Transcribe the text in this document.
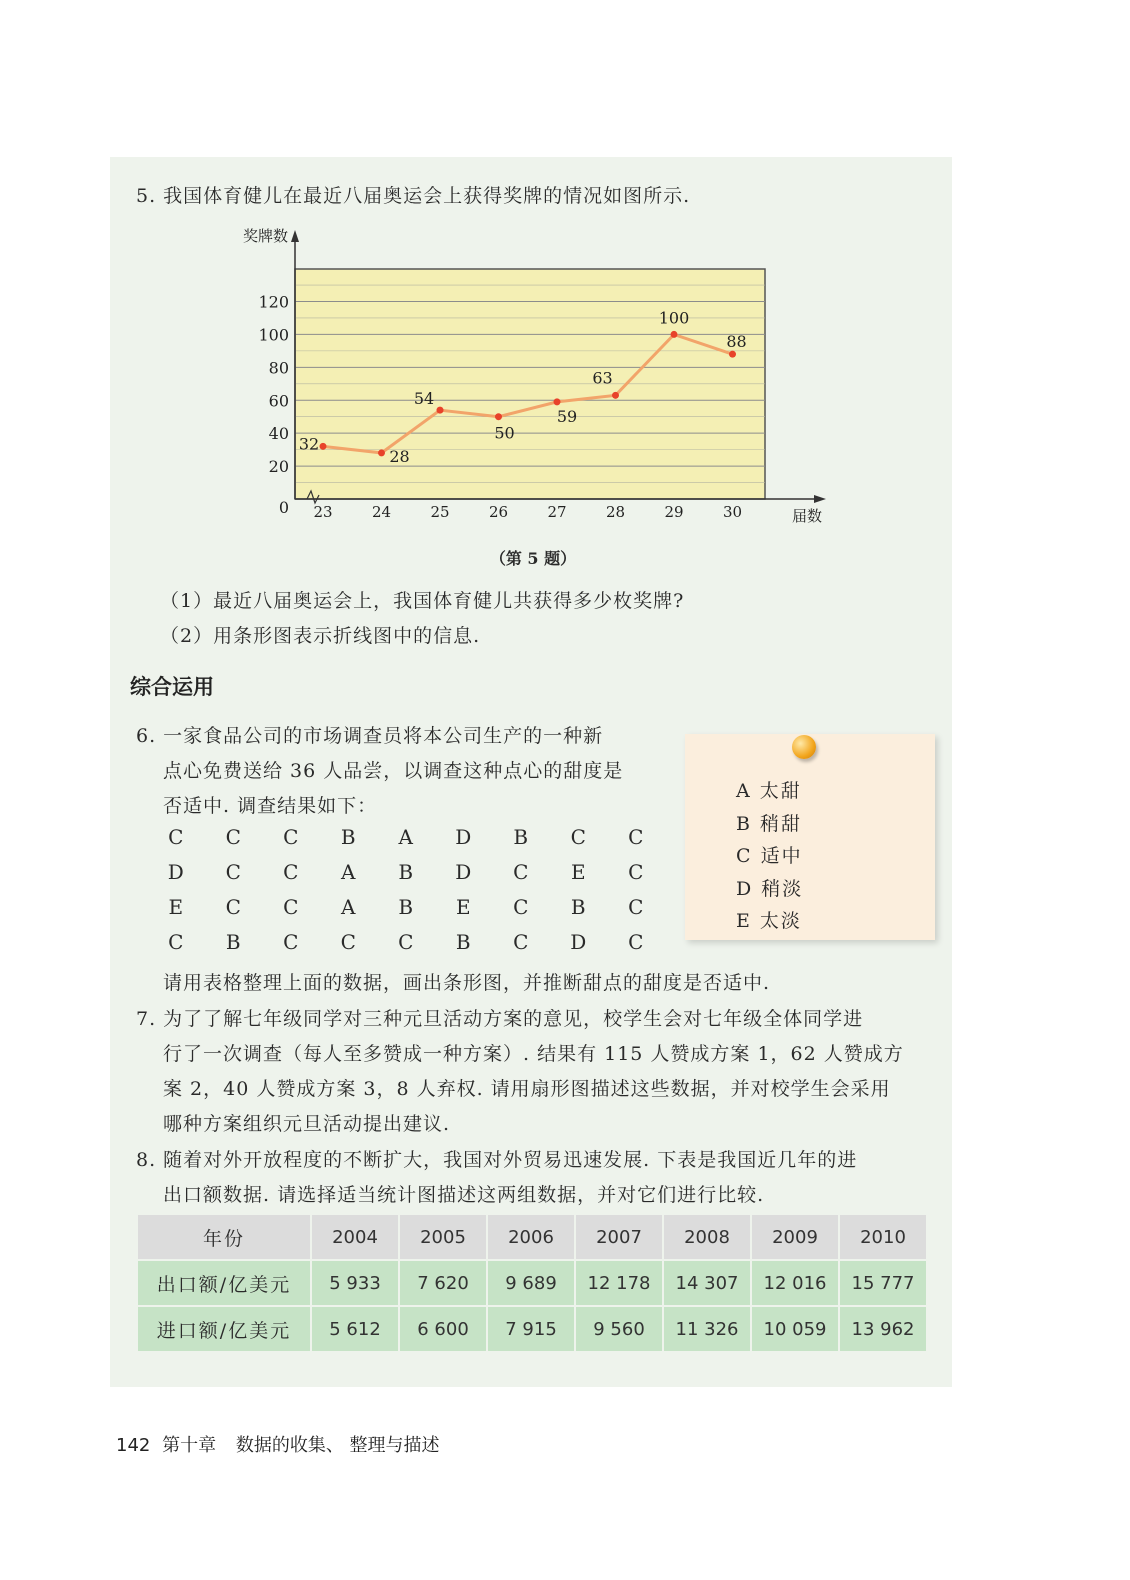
5. 我国体育健儿在最近八届奥运会上获得奖牌的情况如图所示.
0
20
40
60
80
100
120
23	24	25	26	27	28	29	30
奖牌数
届数
32
28
54
50
59
63
100
88
（第 5 题）
（1）最近八届奥运会上，我国体育健儿共获得多少枚奖牌?
（2）用条形图表示折线图中的信息.
综合运用
6. 一家食品公司的市场调查员将本公司生产的一种新
点心免费送给 36 人品尝，以调查这种点心的甜度是
否适中. 调查结果如下：
C	C	C	B	A	D	B	C	C
D	C	C	A	B	D	C	E	C
E	C	C	A	B	E	C	B	C
C	B	C	C	C	B	C	D	C
请用表格整理上面的数据，画出条形图，并推断甜点的甜度是否适中.
A 太甜
B 稍甜
C 适中
D 稍淡
E 太淡
7. 为了了解七年级同学对三种元旦活动方案的意见，校学生会对七年级全体同学进
行了一次调查（每人至多赞成一种方案）. 结果有 115 人赞成方案 1，62 人赞成方
案 2，40 人赞成方案 3，8 人弃权. 请用扇形图描述这些数据，并对校学生会采用
哪种方案组织元旦活动提出建议.
8. 随着对外开放程度的不断扩大，我国对外贸易迅速发展. 下表是我国近几年的进
出口额数据. 请选择适当统计图描述这两组数据，并对它们进行比较.
年份	2004	2005	2006	2007	2008	2009	2010
出口额/亿美元	5 933	7 620	9 689	12 178	14 307	12 016	15 777
进口额/亿美元	5 612	6 600	7 915	9 560	11 326	10 059	13 962
142 第十章 数据的收集、 整理与描述
